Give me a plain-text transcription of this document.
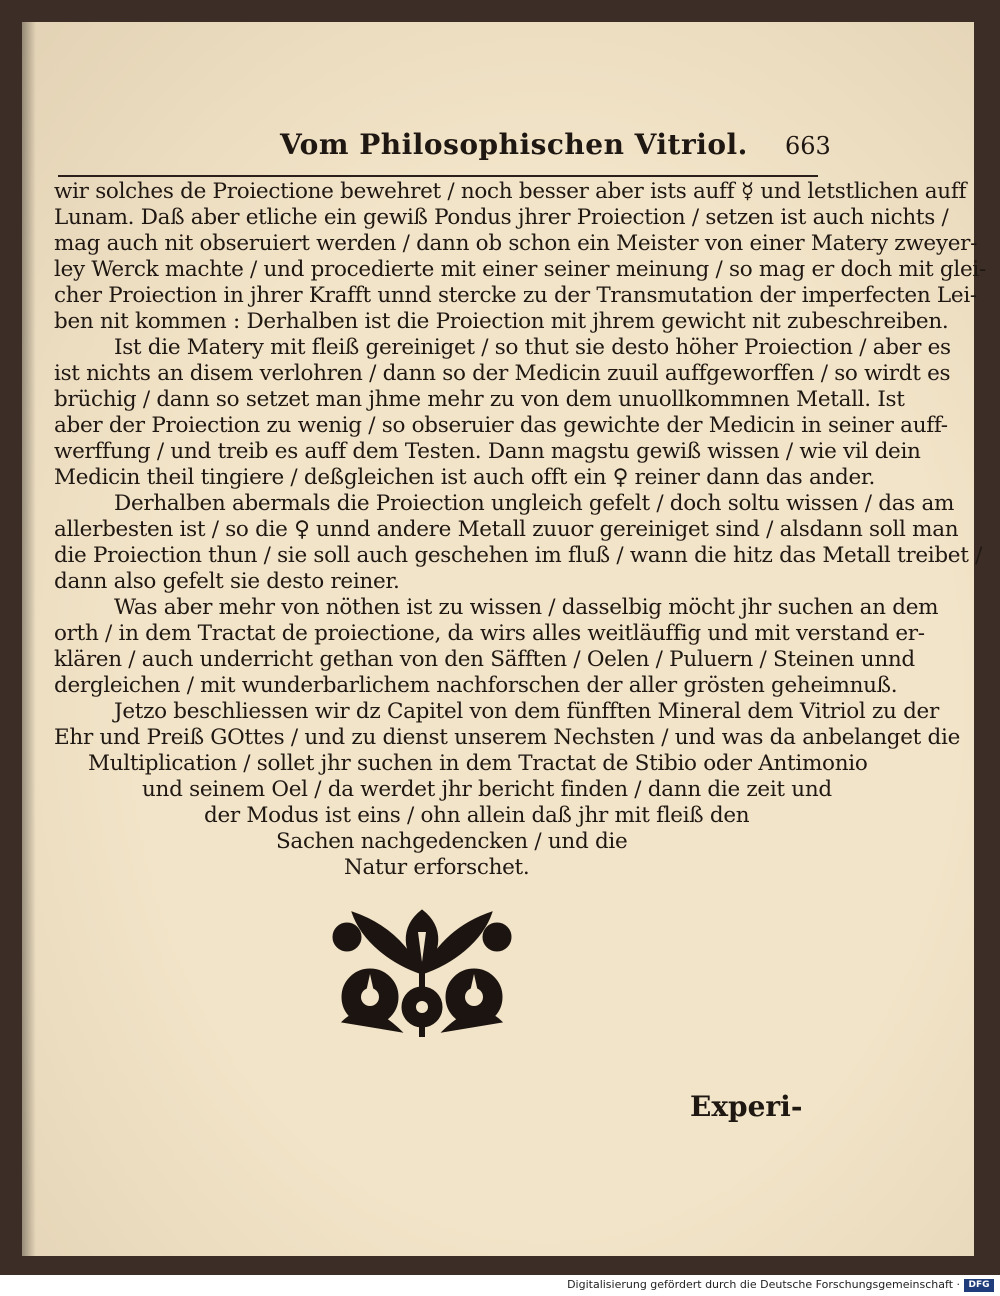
Vom Philosophischen Vitriol. 663
wir solches de Proiectione bewehret / noch besser aber ists auff ☿ und letstlichen auff
Lunam. Daß aber etliche ein gewiß Pondus jhrer Proiection / setzen ist auch nichts /
mag auch nit obseruiert werden / dann ob schon ein Meister von einer Matery zweyer-
ley Werck machte / und procedierte mit einer seiner meinung / so mag er doch mit glei-
cher Proiection in jhrer Krafft unnd stercke zu der Transmutation der imperfecten Lei-
ben nit kommen : Derhalben ist die Proiection mit jhrem gewicht nit zubeschreiben.
Ist die Matery mit fleiß gereiniget / so thut sie desto höher Proiection / aber es
ist nichts an disem verlohren / dann so der Medicin zuuil auffgeworffen / so wirdt es
brüchig / dann so setzet man jhme mehr zu von dem unuollkommnen Metall. Ist
aber der Proiection zu wenig / so obseruier das gewichte der Medicin in seiner auff-
werffung / und treib es auff dem Testen. Dann magstu gewiß wissen / wie vil dein
Medicin theil tingiere / deßgleichen ist auch offt ein ♀ reiner dann das ander.
Derhalben abermals die Proiection ungleich gefelt / doch soltu wissen / das am
allerbesten ist / so die ♀ unnd andere Metall zuuor gereiniget sind / alsdann soll man
die Proiection thun / sie soll auch geschehen im fluß / wann die hitz das Metall treibet /
dann also gefelt sie desto reiner.
Was aber mehr von nöthen ist zu wissen / dasselbig möcht jhr suchen an dem
orth / in dem Tractat de proiectione, da wirs alles weitläuffig und mit verstand er-
klären / auch underricht gethan von den Säfften / Oelen / Puluern / Steinen unnd
dergleichen / mit wunderbarlichem nachforschen der aller grösten geheimnuß.
Jetzo beschliessen wir dz Capitel von dem fünfften Mineral dem Vitriol zu der
Ehr und Preiß GOttes / und zu dienst unserem Nechsten / und was da anbelanget die
Multiplication / sollet jhr suchen in dem Tractat de Stibio oder Antimonio
und seinem Oel / da werdet jhr bericht finden / dann die zeit und
der Modus ist eins / ohn allein daß jhr mit fleiß den
Sachen nachgedencken / und die
Natur erforschet.
Experi-
Digitalisierung gefördert durch die Deutsche Forschungsgemeinschaft · DFG
